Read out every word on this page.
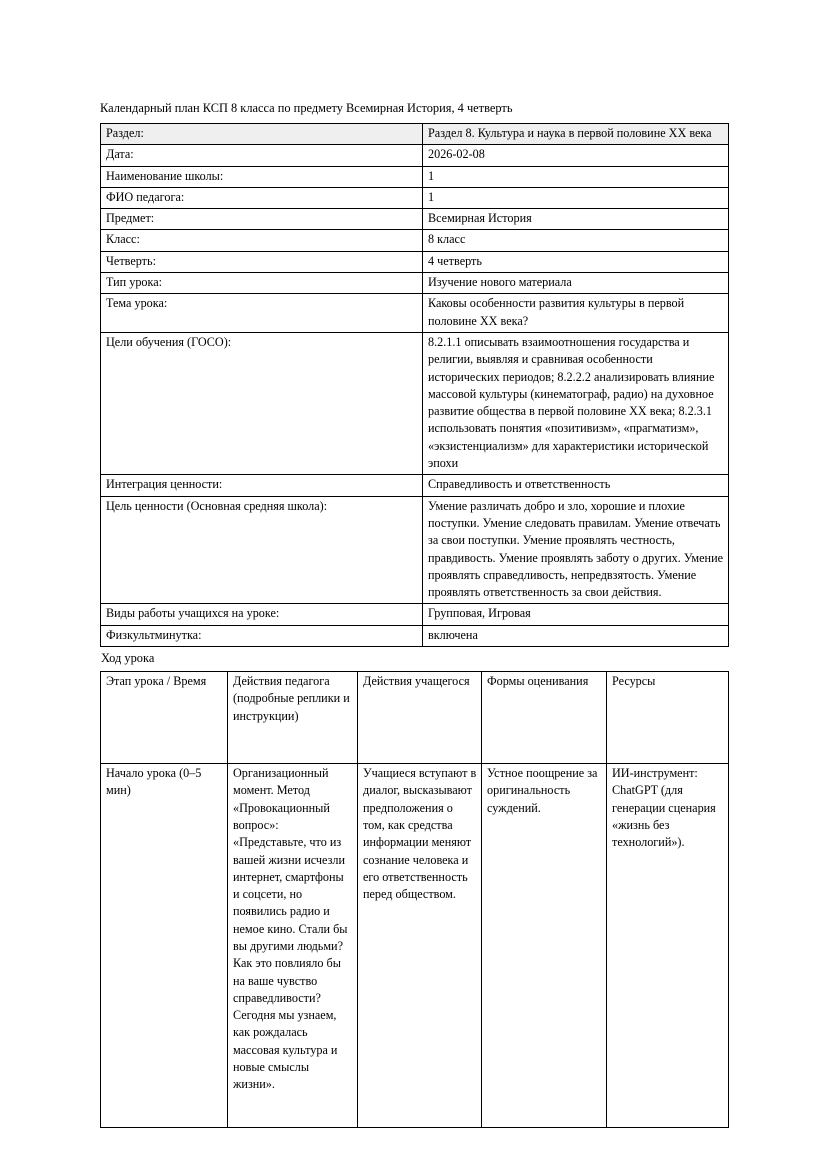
Календарный план КСП 8 класса по предмету Всемирная История, 4 четверть

Раздел:	Раздел 8. Культура и наука в первой половине XX века
Дата:	2026-02-08
Наименование школы:	1
ФИО педагога:	1
Предмет:	Всемирная История
Класс:	8 класс
Четверть:	4 четверть
Тип урока:	Изучение нового материала
Тема урока:	Каковы особенности развития культуры в первой половине XX века?
Цели обучения (ГОСО):	8.2.1.1 описывать взаимоотношения государства и религии, выявляя и сравнивая особенности исторических периодов; 8.2.2.2 анализировать влияние массовой культуры (кинематограф, радио) на духовное развитие общества в первой половине XX века; 8.2.3.1 использовать понятия «позитивизм», «прагматизм», «экзистенциализм» для характеристики исторической эпохи
Интеграция ценности:	Справедливость и ответственность
Цель ценности (Основная средняя школа):	Умение различать добро и зло, хорошие и плохие поступки. Умение следовать правилам. Умение отвечать за свои поступки. Умение проявлять честность, правдивость. Умение проявлять заботу о других. Умение проявлять справедливость, непредвзятость. Умение проявлять ответственность за свои действия.
Виды работы учащихся на уроке:	Групповая, Игровая
Физкультминутка:	включена

Ход урока

Этап урока / Время	Действия педагога (подробные реплики и инструкции)	Действия учащегося	Формы оценивания	Ресурсы
Начало урока (0–5 мин)	Организационный момент. Метод «Провокационный вопрос»: «Представьте, что из вашей жизни исчезли интернет, смартфоны и соцсети, но появились радио и немое кино. Стали бы вы другими людьми? Как это повлияло бы на ваше чувство справедливости? Сегодня мы узнаем, как рождалась массовая культура и новые смыслы жизни».	Учащиеся вступают в диалог, высказывают предположения о том, как средства информации меняют сознание человека и его ответственность перед обществом.	Устное поощрение за оригинальность суждений.	ИИ-инструмент: ChatGPT (для генерации сценария «жизнь без технологий»).
